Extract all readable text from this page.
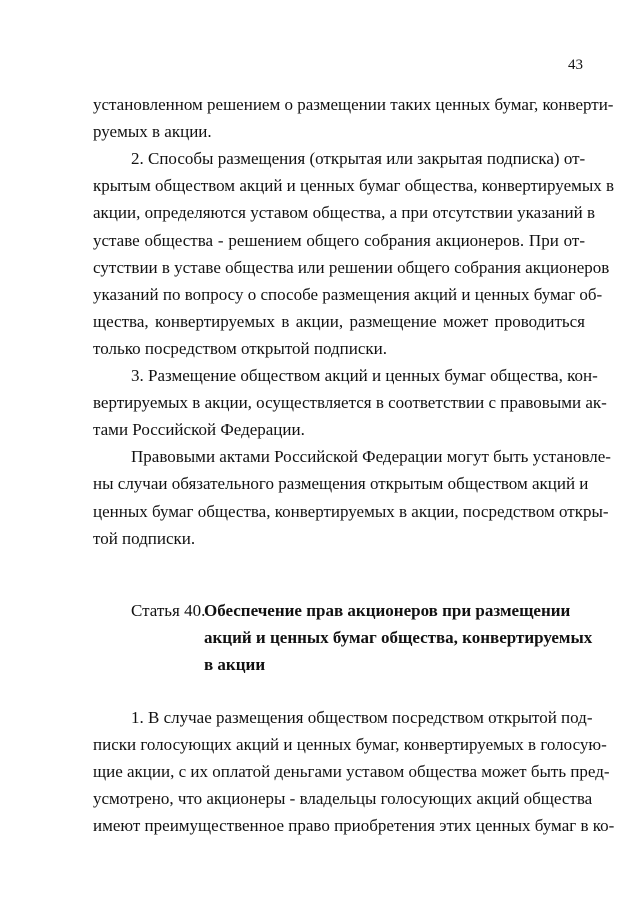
43
установленном решением о размещении таких ценных бумаг, конверти-
руемых в акции.
2. Способы размещения (открытая или закрытая подписка) от-
крытым обществом акций и ценных бумаг общества, конвертируемых в
акции, определяются уставом общества, а при отсутствии указаний в
уставе общества - решением общего собрания акционеров. При от-
сутствии в уставе общества или решении общего собрания акционеров
указаний по вопросу о способе размещения акций и ценных бумаг об-
щества, конвертируемых в акции, размещение может проводиться
только посредством открытой подписки.
3. Размещение обществом акций и ценных бумаг общества, кон-
вертируемых в акции, осуществляется в соответствии с правовыми ак-
тами Российской Федерации.
Правовыми актами Российской Федерации могут быть установле-
ны случаи обязательного размещения открытым обществом акций и
ценных бумаг общества, конвертируемых в акции, посредством откры-
той подписки.
Статья 40.
Обеспечение прав акционеров при размещении
акций и ценных бумаг общества, конвертируемых
в акции
1. В случае размещения обществом посредством открытой под-
писки голосующих акций и ценных бумаг, конвертируемых в голосую-
щие акции, с их оплатой деньгами уставом общества может быть пред-
усмотрено, что акционеры - владельцы голосующих акций общества
имеют преимущественное право приобретения этих ценных бумаг в ко-
